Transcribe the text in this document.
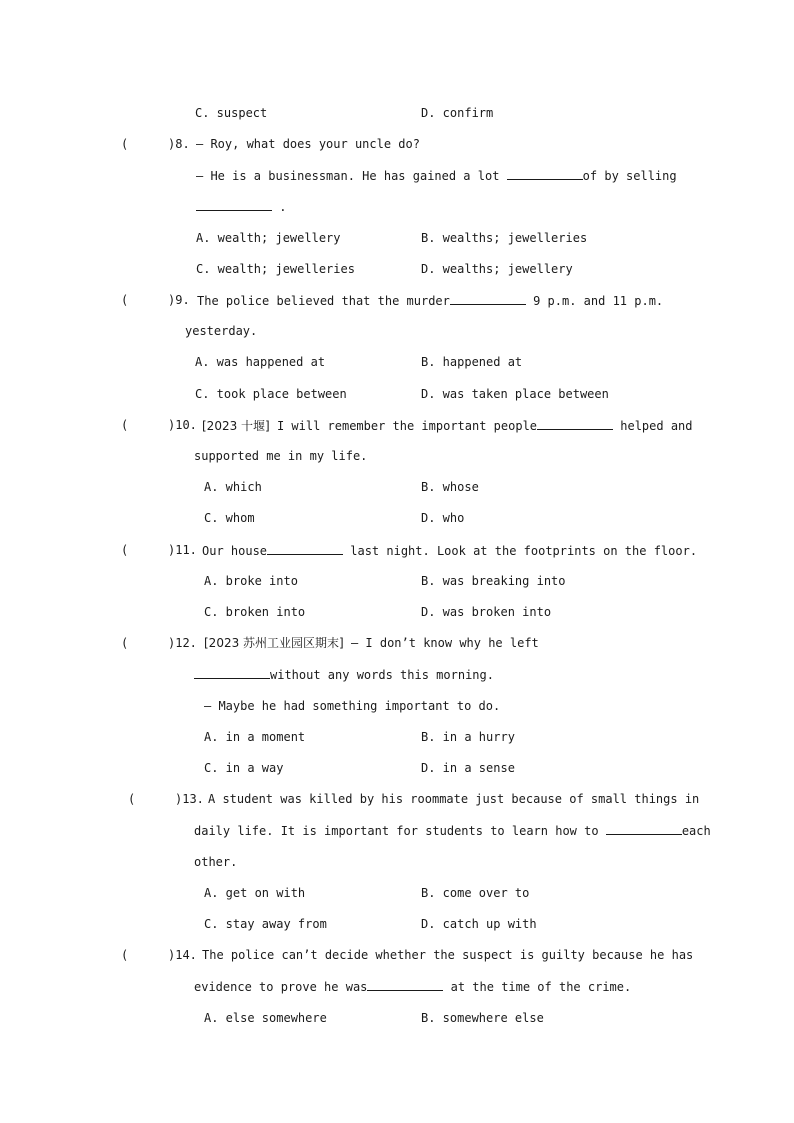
C. suspect	D. confirm
(	)8. — Roy, what does your uncle do?
— He is a businessman. He has gained a lot	of by selling
.
A. wealth; jewellery	B. wealths; jewelleries
C. wealth; jewelleries	D. wealths; jewellery
(	)9. The police believed that the murder	9 p.m. and 11 p.m.
yesterday.
A. was happened at	B. happened at
C. took place between	D. was taken place between
(	)10. [2023 十堰] I will remember the important people	helped and
supported me in my life.
A. which	B. whose
C. whom	D. who
(	)11. Our house	last night. Look at the footprints on the floor.
A. broke into	B. was breaking into
C. broken into	D. was broken into
(	)12. [2023 苏州工业园区期末] — I don’t know why he left
without any words this morning.
— Maybe he had something important to do.
A. in a moment	B. in a hurry
C. in a way	D. in a sense
(	)13. A student was killed by his roommate just because of small things in
daily life. It is important for students to learn how to	each
other.
A. get on with	B. come over to
C. stay away from	D. catch up with
(	)14. The police can’t decide whether the suspect is guilty because he has
evidence to prove he was	at the time of the crime.
A. else somewhere	B. somewhere else
